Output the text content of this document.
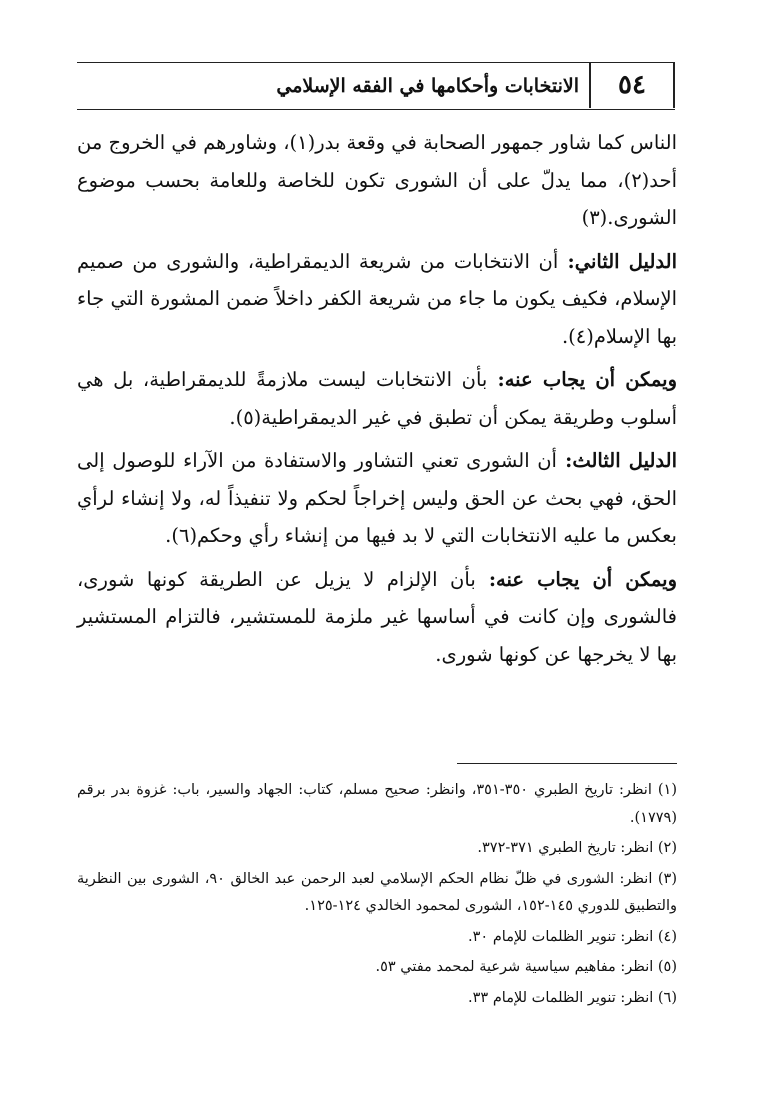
٥٤
الانتخابات وأحكامها في الفقه الإسلامي

الناس كما شاور جمهور الصحابة في وقعة بدر(١)، وشاورهم في الخروج من أحد(٢)، مما يدلّ على أن الشورى تكون للخاصة وللعامة بحسب موضوع الشورى.(٣)

الدليل الثاني: أن الانتخابات من شريعة الديمقراطية، والشورى من صميم الإسلام، فكيف يكون ما جاء من شريعة الكفر داخلاً ضمن المشورة التي جاء بها الإسلام(٤).

ويمكن أن يجاب عنه: بأن الانتخابات ليست ملازمةً للديمقراطية، بل هي أسلوب وطريقة يمكن أن تطبق في غير الديمقراطية(٥).

الدليل الثالث: أن الشورى تعني التشاور والاستفادة من الآراء للوصول إلى الحق، فهي بحث عن الحق وليس إخراجاً لحكم ولا تنفيذاً له، ولا إنشاء لرأي بعكس ما عليه الانتخابات التي لا بد فيها من إنشاء رأي وحكم(٦).

ويمكن أن يجاب عنه: بأن الإلزام لا يزيل عن الطريقة كونها شورى، فالشورى وإن كانت في أساسها غير ملزمة للمستشير، فالتزام المستشير بها لا يخرجها عن كونها شورى.

(١) انظر: تاريخ الطبري ٣٥٠-٣٥١، وانظر: صحيح مسلم، كتاب: الجهاد والسير، باب: غزوة بدر برقم (١٧٧٩).

(٢) انظر: تاريخ الطبري ٣٧١-٣٧٢.

(٣) انظر: الشورى في ظلّ نظام الحكم الإسلامي لعبد الرحمن عبد الخالق ٩٠، الشورى بين النظرية والتطبيق للدوري ١٤٥-١٥٢، الشورى لمحمود الخالدي ١٢٤-١٢٥.

(٤) انظر: تنوير الظلمات للإمام ٣٠.

(٥) انظر: مفاهيم سياسية شرعية لمحمد مفتي ٥٣.

(٦) انظر: تنوير الظلمات للإمام ٣٣.
